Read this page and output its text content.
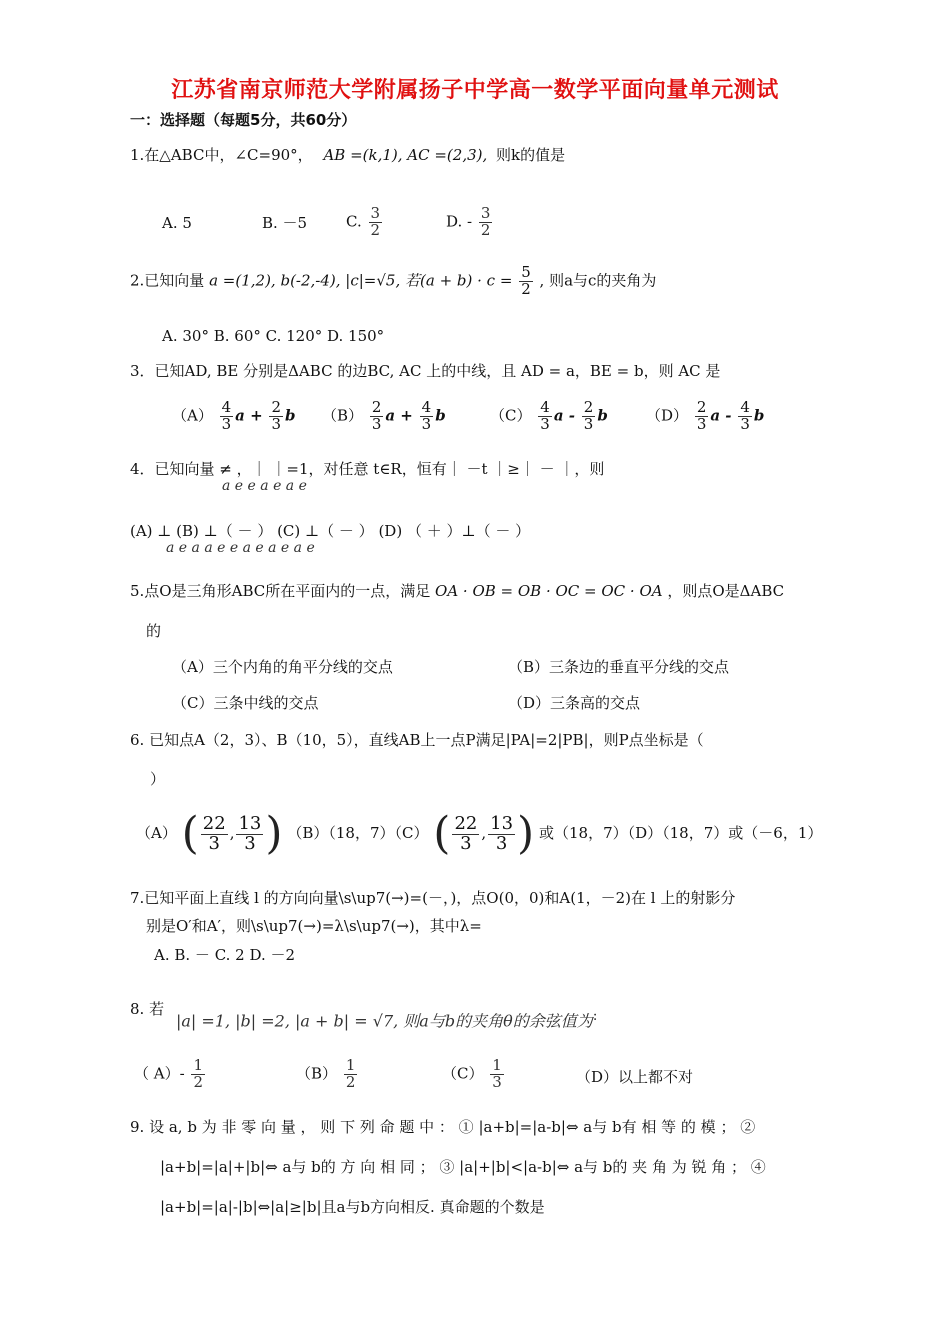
江苏省南京师范大学附属扬子中学高一数学平面向量单元测试
一：选择题（每题5分，共60分）
1.在△ABC中，∠C=90°， AB =(k,1), AC =(2,3), 则k的值是
A. 5	B. －5	C. $\frac{3}{2}$	D. - $\frac{3}{2}$
2.已知向量 a =(1,2), b(-2,-4), |c|=√5, 若$(a + b) \cdot c = \frac{5}{2}$ , 则a与c的夹角为
A. 30° B. 60° C. 120° D. 150°
3．已知AD, BE 分别是ΔABC 的边BC, AC 上的中线，且 AD = a，BE = b，则 AC 是
$(A) \frac{4}{3}$ $a + \frac{2}{3}$ b $(B) \frac{2}{3}$ $a + \frac{4}{3}$ b	$(C) \frac{4}{3}$ a - $\frac{2}{3}$ b	$(D) \frac{2}{3}$ a - $\frac{4}{3}$ b
4．已知向量 ≠ ，｜ ｜=1，对任意 t∈R，恒有｜ －t ｜≥｜ － ｜，则
a e e a e a e
(A) ⊥ (B) ⊥（ － ） (C) ⊥（ － ） (D) （ ＋ ）⊥（ － ）
a e a a e e a e a e a e
5.点O是三角形ABC所在平面内的一点，满足 OA · OB = OB · OC = OC · OA ，则点O是ΔABC
的
（A）三个内角的角平分线的交点	（B）三条边的垂直平分线的交点
（C）三条中线的交点	（D）三条高的交点
6. 已知点A（2，3）、B（10，5），直线AB上一点P满足|PA|=2|PB|，则P点坐标是（
）
（A） ( $\frac{22}{3}$ , $\frac{13}{3}$ ) （B）（18，7）（C） ( $\frac{22}{3}$ , $\frac{13}{3}$ ) 或（18，7）（D）（18，7）或（－6，1）
7.已知平面上直线 l 的方向向量\s\up7(→)=(－，)，点O(0，0)和A(1，－2)在 l 上的射影分
别是O′和A′，则\s\up7(→)=λ\s\up7(→)，其中λ=
A. B. － C. 2 D. －2
8. 若
|a| =1, |b| =2, |a + b| = √7, 则a与b的夹角θ的余弦值为:
（ $A)- \frac{1}{2}$	$(B) \frac{1}{2}$	$(C) \frac{1}{3}$	（D）以上都不对
9. 设 a, b 为 非 零 向 量 ， 则 下 列 命 题 中 ： ① |a+b|=|a-b|⇔ a与 b有 相 等 的 模 ； ②
|a+b|=|a|+|b|⇔ a与 b的 方 向 相 同 ； ③ |a|+|b|<|a-b|⇔ a与 b的 夹 角 为 锐 角 ； ④
|a+b|=|a|-|b|⇔|a|≥|b|且a与b方向相反. 真命题的个数是
